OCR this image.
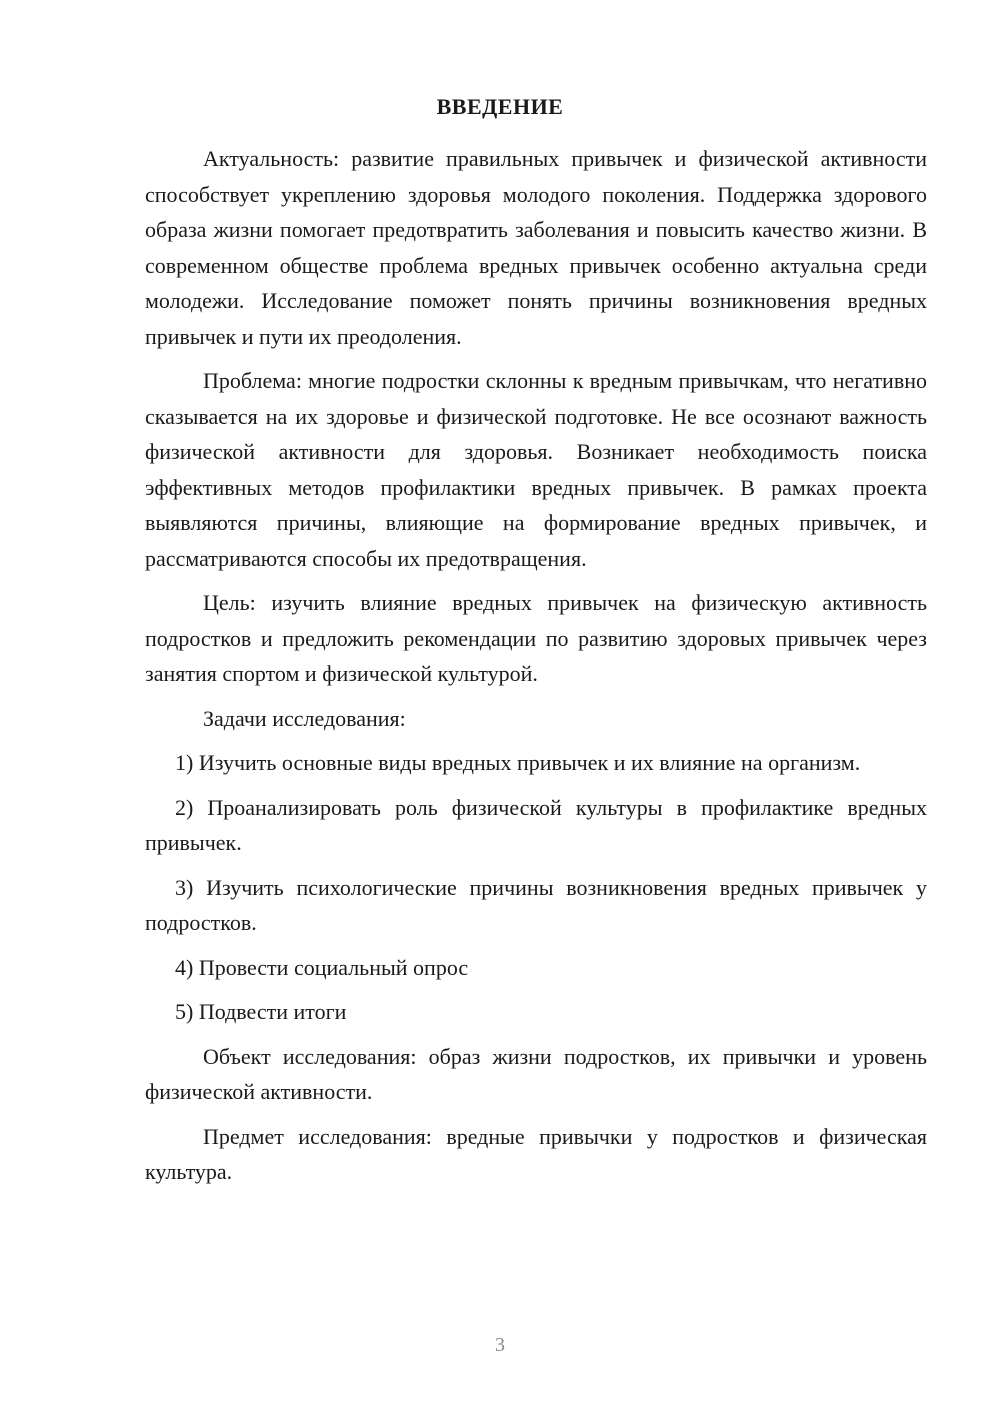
ВВЕДЕНИЕ

Актуальность: развитие правильных привычек и физической активности способствует укреплению здоровья молодого поколения. Поддержка здорового образа жизни помогает предотвратить заболевания и повысить качество жизни. В современном обществе проблема вредных привычек особенно актуальна среди молодежи. Исследование поможет понять причины возникновения вредных привычек и пути их преодоления.

Проблема: многие подростки склонны к вредным привычкам, что негативно сказывается на их здоровье и физической подготовке. Не все осознают важность физической активности для здоровья. Возникает необходимость поиска эффективных методов профилактики вредных привычек. В рамках проекта выявляются причины, влияющие на формирование вредных привычек, и рассматриваются способы их предотвращения.

Цель: изучить влияние вредных привычек на физическую активность подростков и предложить рекомендации по развитию здоровых привычек через занятия спортом и физической культурой.

Задачи исследования:

1) Изучить основные виды вредных привычек и их влияние на организм.

2) Проанализировать роль физической культуры в профилактике вредных привычек.

3) Изучить психологические причины возникновения вредных привычек у подростков.

4) Провести социальный опрос

5) Подвести итоги

Объект исследования: образ жизни подростков, их привычки и уровень физической активности.

Предмет исследования: вредные привычки у подростков и физическая культура.

3
